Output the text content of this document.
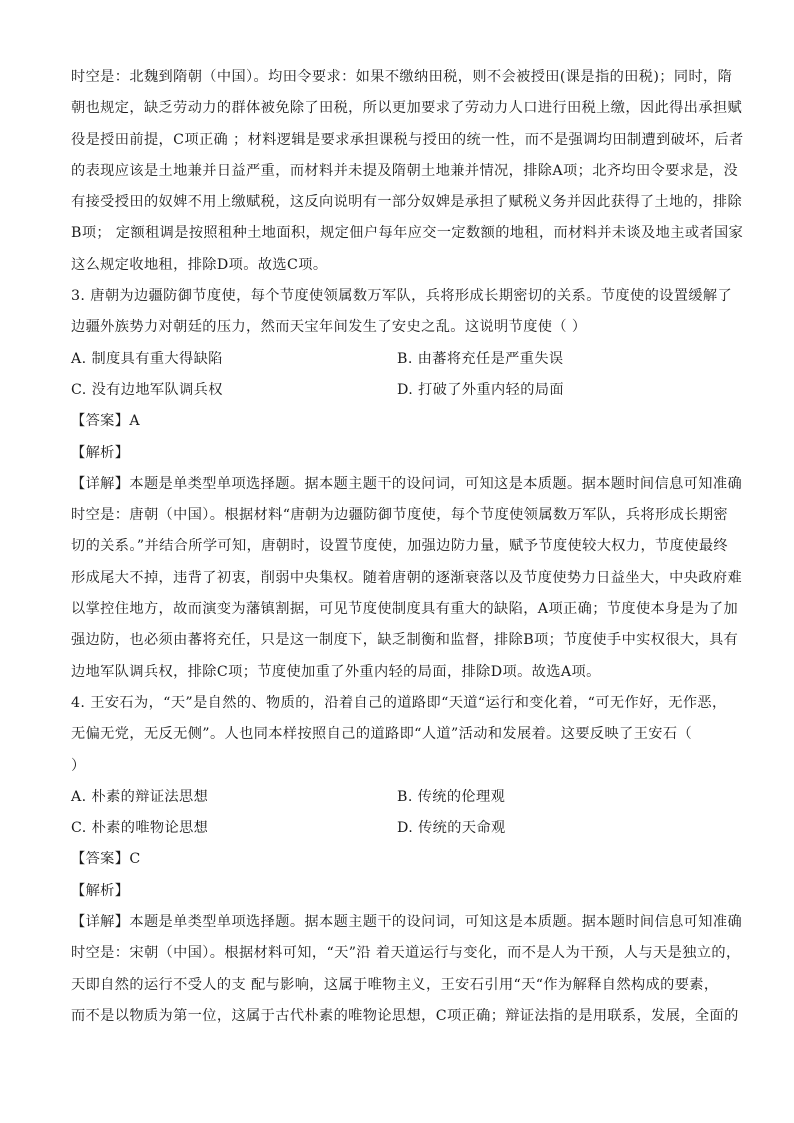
时空是：北魏到隋朝（中国）。均田令要求：如果不缴纳田税，则不会被授田(课是指的田税)；同时，隋
朝也规定，缺乏劳动力的群体被免除了田税，所以更加要求了劳动力人口进行田税上缴，因此得出承担赋
役是授田前提，C项正确 ；材料逻辑是要求承担课税与授田的统一性，而不是强调均田制遭到破坏，后者
的表现应该是土地兼并日益严重，而材料并未提及隋朝土地兼并情况，排除A项；北齐均田令要求是，没
有接受授田的奴婢不用上缴赋税，这反向说明有一部分奴婢是承担了赋税义务并因此获得了土地的，排除
B项； 定额租调是按照租种土地面积，规定佃户每年应交一定数额的地租，而材料并未谈及地主或者国家
这么规定收地租，排除D项。故选C项。
3. 唐朝为边疆防御节度使，每个节度使领属数万军队，兵将形成长期密切的关系。节度使的设置缓解了
边疆外族势力对朝廷的压力，然而天宝年间发生了安史之乱。这说明节度使（ ）
A. 制度具有重大得缺陷	B. 由蕃将充任是严重失误
C. 没有边地军队调兵权	D. 打破了外重内轻的局面
【答案】A
【解析】
【详解】本题是单类型单项选择题。据本题主题干的设问词，可知这是本质题。据本题时间信息可知准确
时空是：唐朝（中国）。根据材料“唐朝为边疆防御节度使，每个节度使领属数万军队，兵将形成长期密
切的关系。”并结合所学可知，唐朝时，设置节度使，加强边防力量，赋予节度使较大权力，节度使最终
形成尾大不掉，违背了初衷，削弱中央集权。随着唐朝的逐渐衰落以及节度使势力日益坐大，中央政府难
以掌控住地方，故而演变为藩镇割据，可见节度使制度具有重大的缺陷，A项正确；节度使本身是为了加
强边防，也必须由蕃将充任，只是这一制度下，缺乏制衡和监督，排除B项；节度使手中实权很大，具有
边地军队调兵权，排除C项；节度使加重了外重内轻的局面，排除D项。故选A项。
4. 王安石为，“天”是自然的、物质的，沿着自己的道路即“天道“运行和变化着，“可无作好，无作恶，
无偏无党，无反无侧”。人也同本样按照自己的道路即“人道”活动和发展着。这要反映了王安石（
）
A. 朴素的辩证法思想	B. 传统的伦理观
C. 朴素的唯物论思想	D. 传统的天命观
【答案】C
【解析】
【详解】本题是单类型单项选择题。据本题主题干的设问词，可知这是本质题。据本题时间信息可知准确
时空是：宋朝（中国）。根据材料可知，“天”沿 着天道运行与变化，而不是人为干预，人与天是独立的，
天即自然的运行不受人的支 配与影响，这属于唯物主义，王安石引用“天“作为解释自然构成的要素，
而不是以物质为第一位，这属于古代朴素的唯物论思想，C项正确；辩证法指的是用联系，发展，全面的
